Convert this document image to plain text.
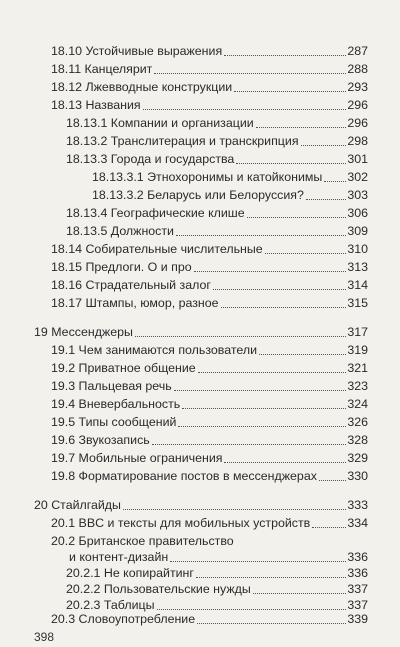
18.10 Устойчивые выражения	287
18.11 Канцелярит	288
18.12 Лжевводные конструкции	293
18.13 Названия	296
18.13.1 Компании и организации	296
18.13.2 Транслитерация и транскрипция	298
18.13.3 Города и государства	301
18.13.3.1 Этнохоронимы и катойконимы 302
18.13.3.2 Беларусь или Белоруссия?	303
18.13.4 Географические клише	306
18.13.5 Должности	309
18.14 Собирательные числительные	310
18.15 Предлоги. О и про	313
18.16 Страдательный залог	314
18.17 Штампы, юмор, разное	315
19 Мессенджеры	317
19.1 Чем занимаются пользователи	319
19.2 Приватное общение	321
19.3 Пальцевая речь	323
19.4 Вневербальность	324
19.5 Типы сообщений	326
19.6 Звукозапись	328
19.7 Мобильные ограничения	329
19.8 Форматирование постов в мессенджерах 330
20 Стайлгайды	333
20.1 BBC и тексты для мобильных устройств	334
20.2 Британское правительство
и контент-дизайн	336
20.2.1 Не копирайтинг	336
20.2.2 Пользовательские нужды	337
20.2.3 Таблицы	337
20.3 Словоупотребление	339
398
